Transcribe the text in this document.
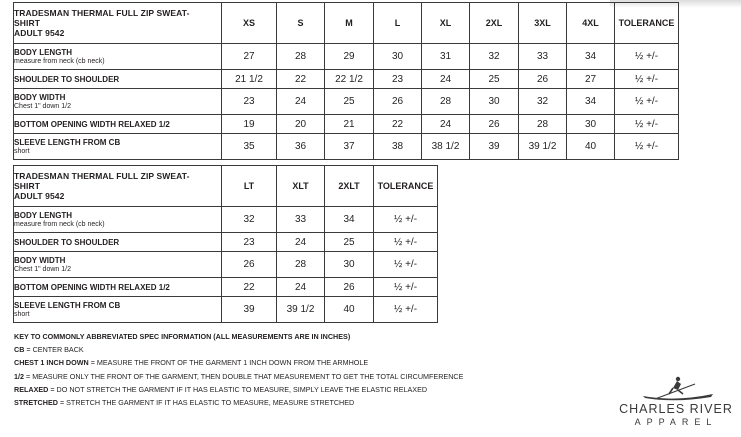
TRADESMAN THERMAL FULL ZIP SWEAT-
SHIRT
ADULT 9542	XS	S	M	L	XL	2XL	3XL	4XL	TOLERANCE
BODY LENGTH
measure from neck (cb neck)	27	28	29	30	31	32	33	34	½ +/-
SHOULDER TO SHOULDER	21 1/2	22	22 1/2	23	24	25	26	27	½ +/-
BODY WIDTH
Chest 1" down 1/2	23	24	25	26	28	30	32	34	½ +/-
BOTTOM OPENING WIDTH RELAXED 1/2	19	20	21	22	24	26	28	30	½ +/-
SLEEVE LENGTH FROM CB
short	35	36	37	38	38 1/2	39	39 1/2	40	½ +/-
TRADESMAN THERMAL FULL ZIP SWEAT-
SHIRT
ADULT 9542	LT	XLT	2XLT	TOLERANCE
BODY LENGTH
measure from neck (cb neck)	32	33	34	½ +/-
SHOULDER TO SHOULDER	23	24	25	½ +/-
BODY WIDTH
Chest 1" down 1/2	26	28	30	½ +/-
BOTTOM OPENING WIDTH RELAXED 1/2	22	24	26	½ +/-
SLEEVE LENGTH FROM CB
short	39	39 1/2	40	½ +/-
KEY TO COMMONLY ABBREVIATED SPEC INFORMATION (ALL MEASUREMENTS ARE IN INCHES)
CB = CENTER BACK
CHEST 1 INCH DOWN = MEASURE THE FRONT OF THE GARMENT 1 INCH DOWN FROM THE ARMHOLE
1/2 = MEASURE ONLY THE FRONT OF THE GARMENT, THEN DOUBLE THAT MEASUREMENT TO GET THE TOTAL CIRCUMFERENCE
RELAXED = DO NOT STRETCH THE GARMENT IF IT HAS ELASTIC TO MEASURE, SIMPLY LEAVE THE ELASTIC RELAXED
STRETCHED = STRETCH THE GARMENT IF IT HAS ELASTIC TO MEASURE, MEASURE STRETCHED	CHARLES RIVER
APPAREL
